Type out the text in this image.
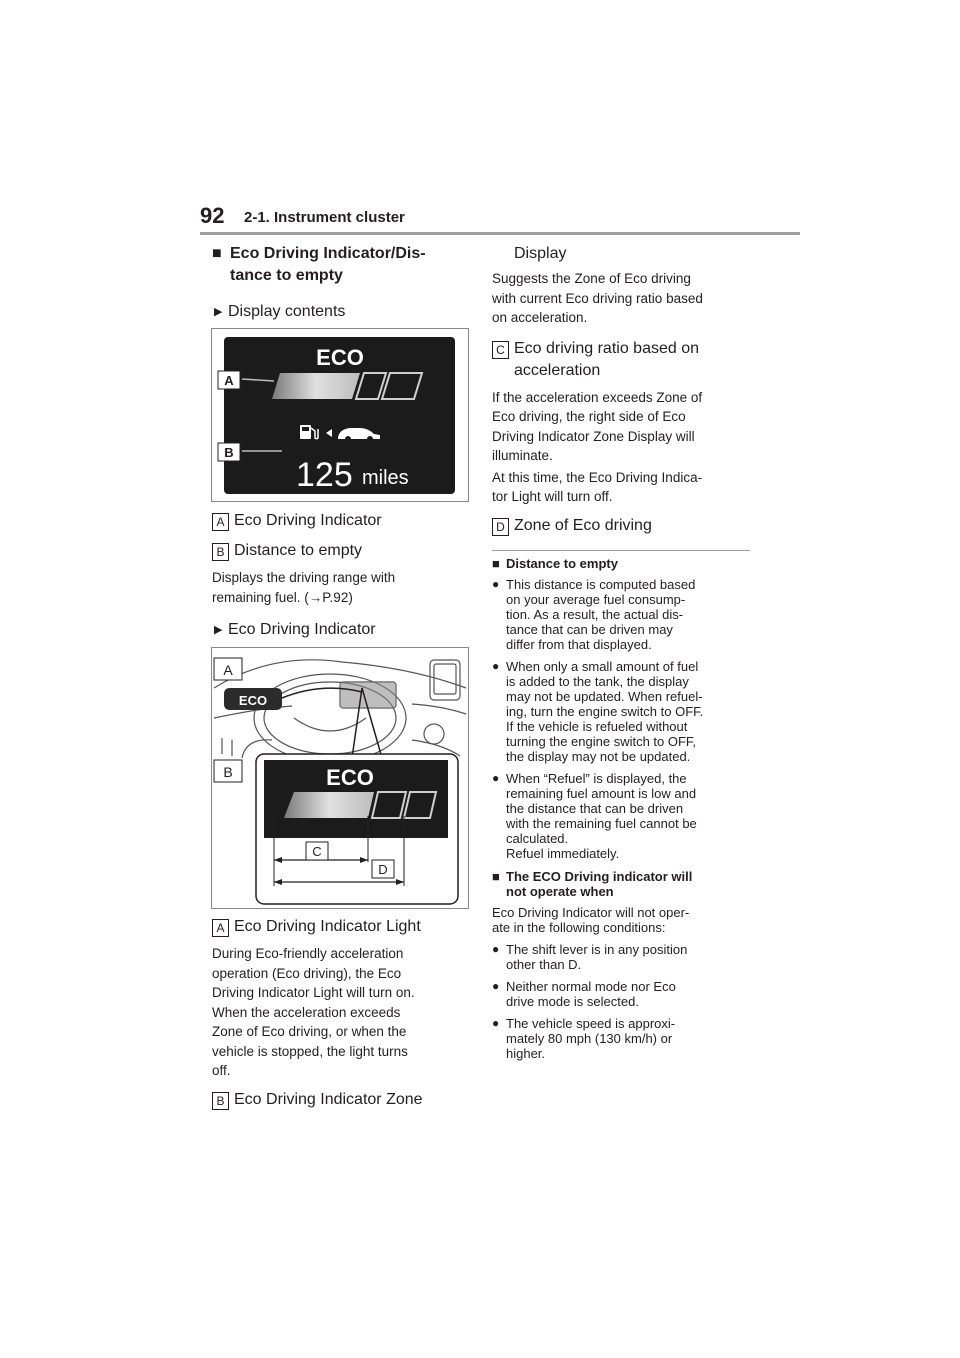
92 2-1. Instrument cluster
■ Eco Driving Indicator/Dis-
tance to empty
▶ Display contents
ECO
A
B
125 miles
A Eco Driving Indicator
B Distance to empty
Displays the driving range with
remaining fuel. (→P.92)
▶ Eco Driving Indicator
A
ECO
B	ECO
C
D
A Eco Driving Indicator Light
During Eco-friendly acceleration
operation (Eco driving), the Eco
Driving Indicator Light will turn on.
When the acceleration exceeds
Zone of Eco driving, or when the
vehicle is stopped, the light turns
off.
B Eco Driving Indicator Zone
Display
Suggests the Zone of Eco driving
with current Eco driving ratio based
on acceleration.
C Eco driving ratio based on
acceleration
If the acceleration exceeds Zone of
Eco driving, the right side of Eco
Driving Indicator Zone Display will
illuminate.
At this time, the Eco Driving Indica-
tor Light will turn off.
D Zone of Eco driving
■ Distance to empty
● This distance is computed based
on your average fuel consump-
tion. As a result, the actual dis-
tance that can be driven may
differ from that displayed.
● When only a small amount of fuel
is added to the tank, the display
may not be updated. When refuel-
ing, turn the engine switch to OFF.
If the vehicle is refueled without
turning the engine switch to OFF,
the display may not be updated.
● When “Refuel” is displayed, the
remaining fuel amount is low and
the distance that can be driven
with the remaining fuel cannot be
calculated.
Refuel immediately.
■ The ECO Driving indicator will
not operate when
Eco Driving Indicator will not oper-
ate in the following conditions:
● The shift lever is in any position
other than D.
● Neither normal mode nor Eco
drive mode is selected.
● The vehicle speed is approxi-
mately 80 mph (130 km/h) or
higher.
